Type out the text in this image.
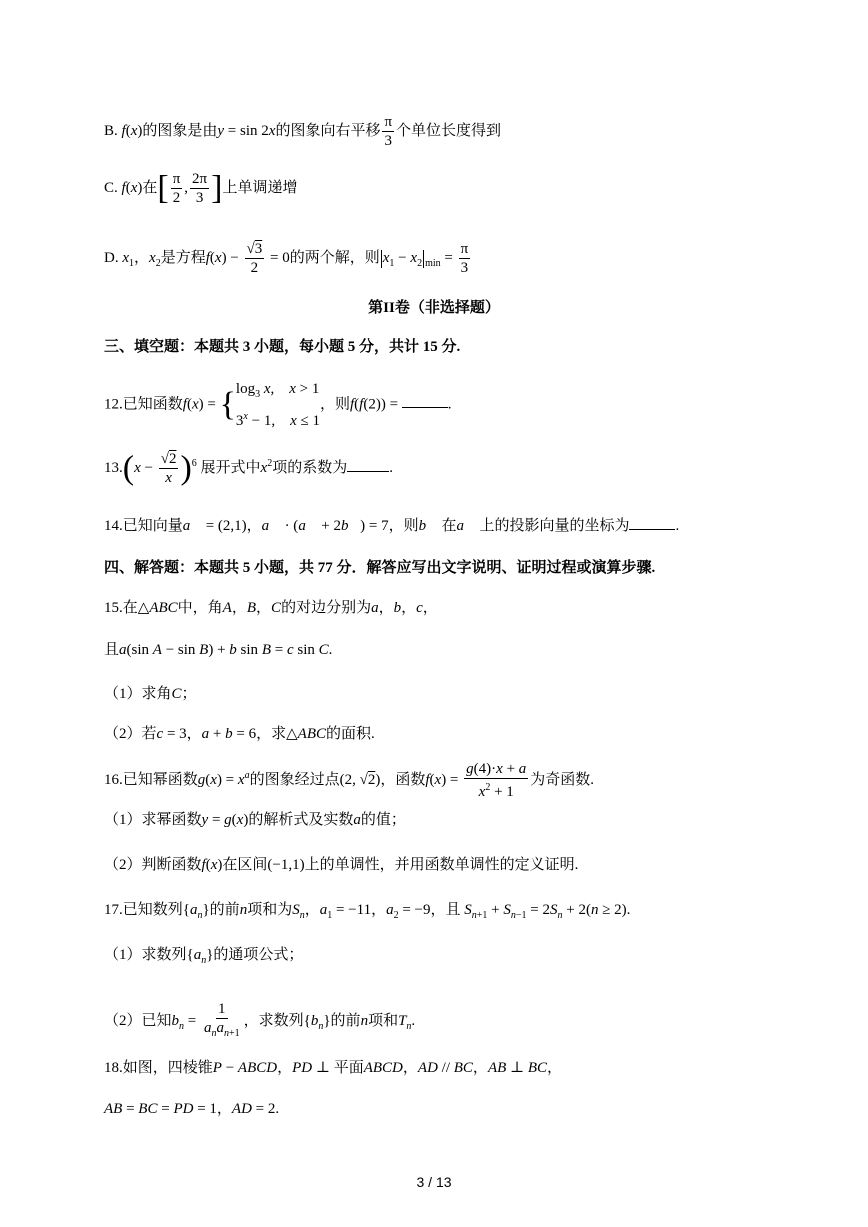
B. f(x)的图象是由y = sin 2x的图象向右平移 $\frac{\pi}{3}$ 个单位长度得到
C. f(x)在[ $\frac{\pi}{2}$ , $\frac{2\pi}{3}$ ]上单调递增
D. $x_1$，$x_2$是方程$f(x) - \frac{√3}{2} = 0$的两个解，则 $x_1 - x_2$ $_{min} = \frac{\pi}{3}$
第II卷（非选择题）
三、填空题：本题共 3 小题，每小题 5 分，共计 15 分.
12.已知函数f(x) = { $\log_3 x$,    x > 1
$3^x - 1$,    x ≤ 1
，则f(f(2)) =	.
$13.(x - \frac{√2}{x} )^6$ 展开式中$x^2$项的系数为	.
14.已知向量a⃗ = (2,1)，a⃗ · (a⃗ + 2b⃗) = 7，则b⃗ 在a⃗ 上的投影向量的坐标为	.
四、解答题：本题共 5 小题，共 77 分．解答应写出文字说明、证明过程或演算步骤.
15.在△ABC中，角A，B，C的对边分别为a，b，c，
且a(sin A − sin B) + b sin B = c sin C.
（1）求角C；
（2）若c = 3，a + b = 6，求△ABC的面积.
16.已知幂函数$g(x) = x^a$的图象经过点(2, √2)，函数$f(x) = \frac{g(4)\cdot x + a}{x^2 + 1}$ 为奇函数.
（1）求幂函数y = g(x)的解析式及实数a的值；
（2）判断函数f(x)在区间(−1,1)上的单调性，并用函数单调性的定义证明.
17.已知数列$\{a_n\}$的前n项和为$S_n$，$a_1 = -11$，$a_2 = -9$，且 $S_{n+1} + S_{n-1} = 2S_n + 2(n \ge 2)$.
（1）求数列$\{a_n\}$的通项公式；
（2）已知$b_n = \frac{1}{a_na_{n+1}}$ ，求数列$\{b_n\}$的前n项和$T_n$.
18.如图，四棱锥P − ABCD，PD ⊥ 平面ABCD，AD // BC，AB ⊥ BC，
AB = BC = PD = 1，AD = 2.
3 / 13
